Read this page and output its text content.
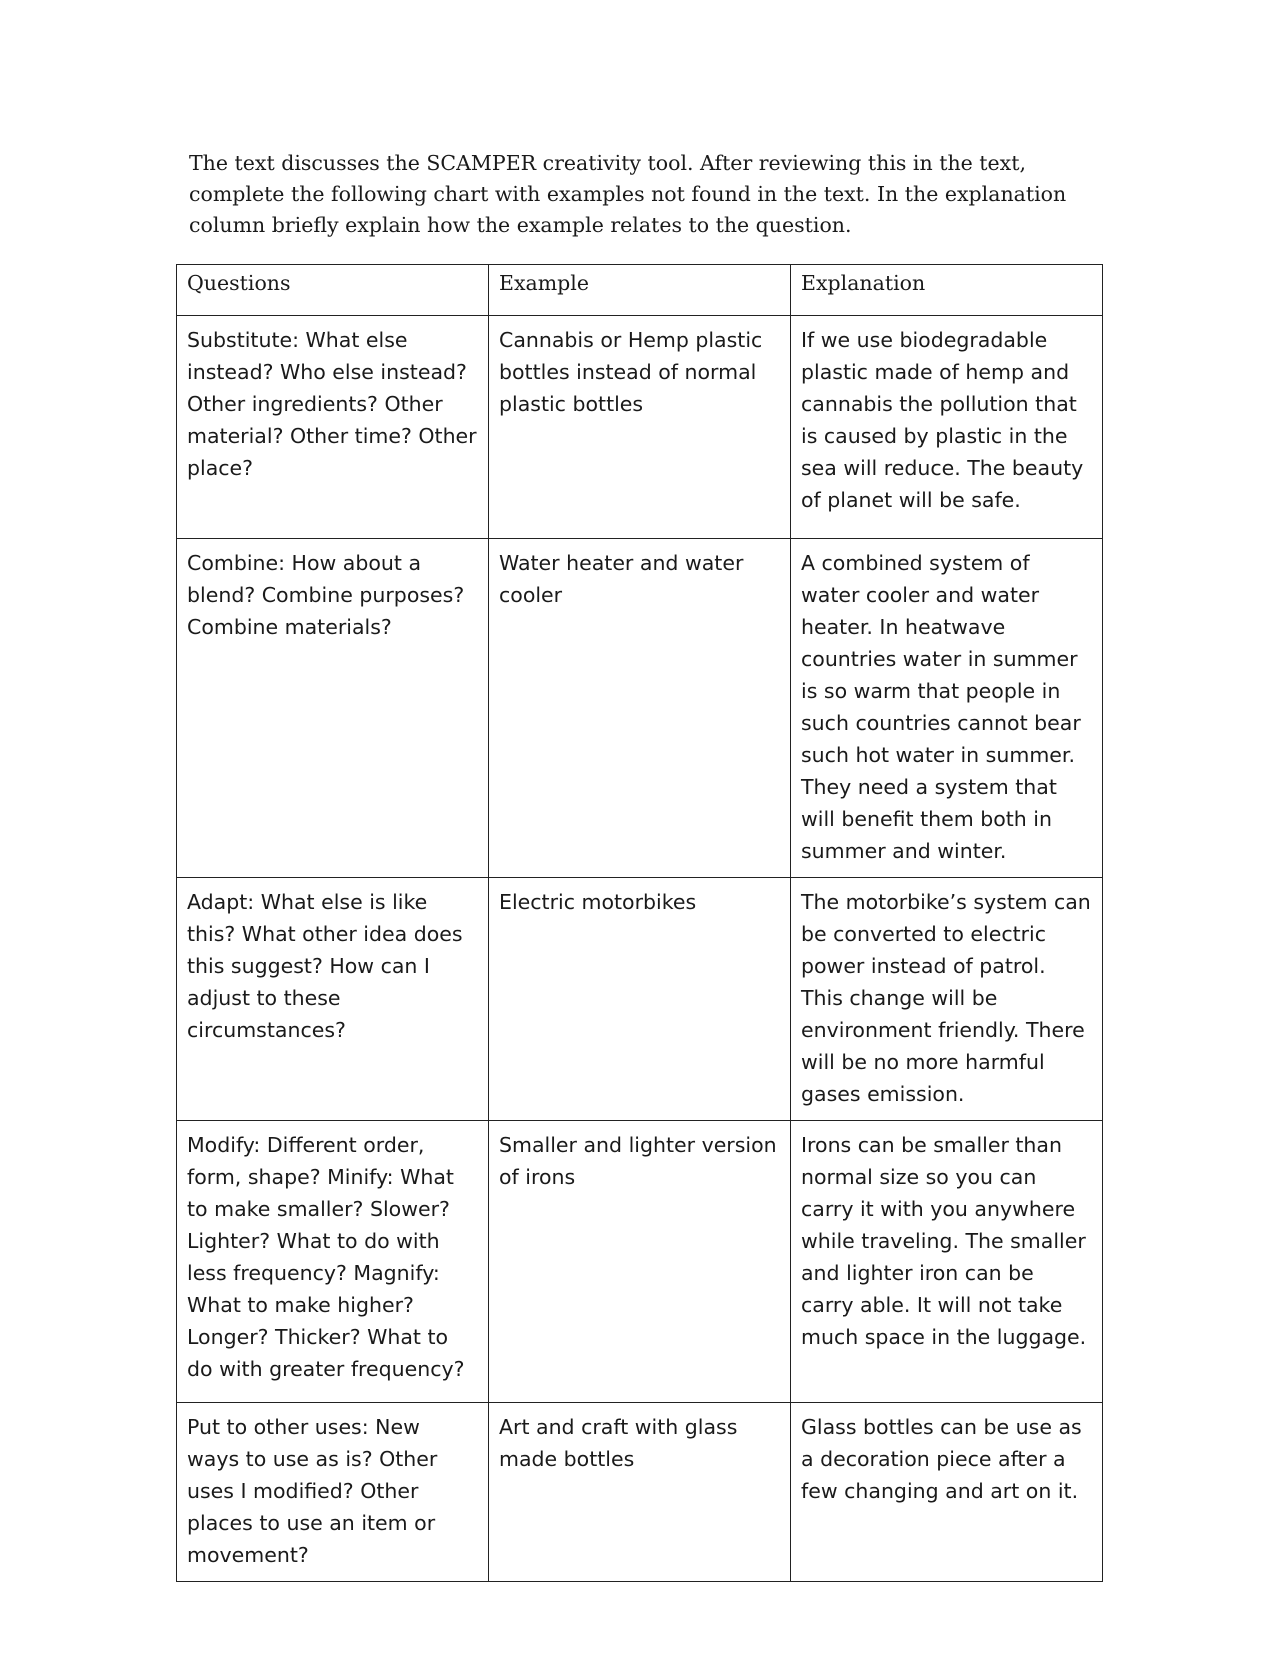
The text discusses the SCAMPER creativity tool. After reviewing this in the text, complete the following chart with examples not found in the text. In the explanation column briefly explain how the example relates to the question.

Questions	Example	Explanation
Substitute: What else instead? Who else instead? Other ingredients? Other material? Other time? Other place?	Cannabis or Hemp plastic bottles instead of normal plastic bottles	If we use biodegradable plastic made of hemp and cannabis the pollution that is caused by plastic in the sea will reduce. The beauty of planet will be safe.
Combine: How about a blend? Combine purposes? Combine materials?	Water heater and water cooler	A combined system of water cooler and water heater. In heatwave countries water in summer is so warm that people in such countries cannot bear such hot water in summer. They need a system that will benefit them both in summer and winter.
Adapt: What else is like this? What other idea does this suggest? How can I adjust to these circumstances?	Electric motorbikes	The motorbike’s system can be converted to electric power instead of patrol. This change will be environment friendly. There will be no more harmful gases emission.
Modify: Different order, form, shape? Minify: What to make smaller? Slower? Lighter? What to do with less frequency? Magnify: What to make higher? Longer? Thicker? What to do with greater frequency?	Smaller and lighter version of irons	Irons can be smaller than normal size so you can carry it with you anywhere while traveling. The smaller and lighter iron can be carry able. It will not take much space in the luggage.
Put to other uses: New ways to use as is? Other uses I modified? Other places to use an item or movement?	Art and craft with glass made bottles	Glass bottles can be use as a decoration piece after a few changing and art on it.
